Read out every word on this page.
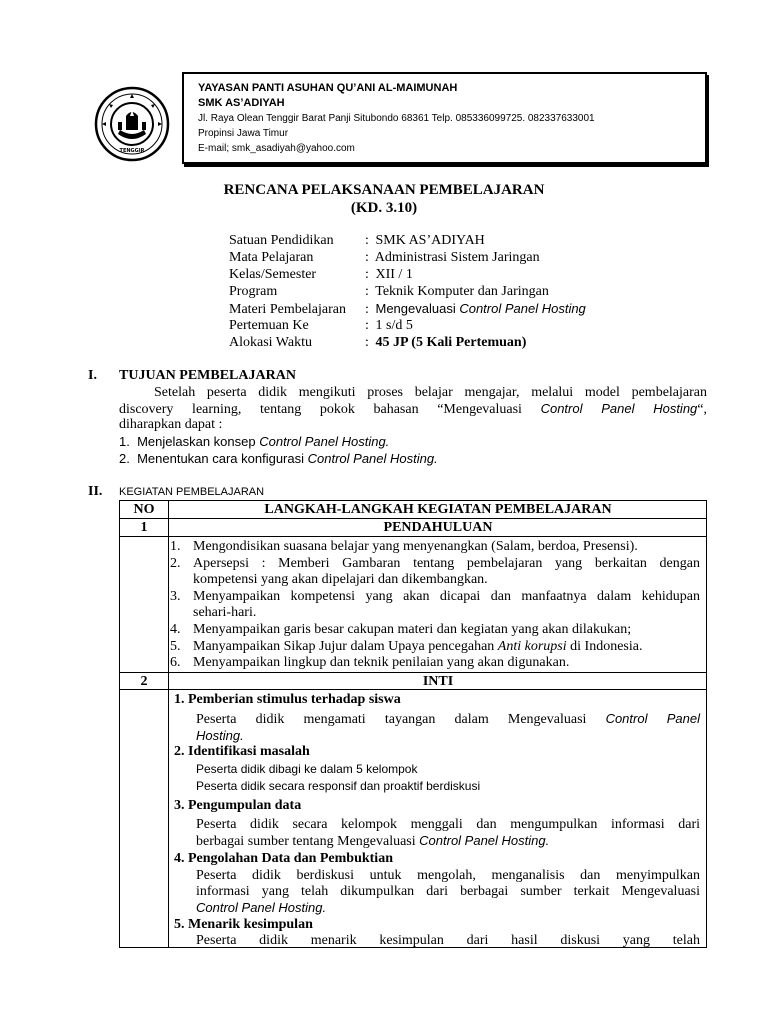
TENGGIR
YAYASAN PANTI ASUHAN QU’ANI AL-MAIMUNAH
SMK AS’ADIYAH
Jl. Raya Olean Tenggir Barat Panji Situbondo 68361 Telp. 085336099725. 082337633001
Propinsi Jawa Timur
E-mail; smk_asadiyah@yahoo.com
RENCANA PELAKSANAAN PEMBELAJARAN
(KD. 3.10)
Satuan Pendidikan : SMK AS’ADIYAH
Mata Pelajaran	: Administrasi Sistem Jaringan
Kelas/Semester	: XII / 1
Program	: Teknik Komputer dan Jaringan
Materi Pembelajaran : Mengevaluasi Control Panel Hosting
Pertemuan Ke	: 1 s/d 5
Alokasi Waktu	: 45 JP (5 Kali Pertemuan)
I. TUJUAN PEMBELAJARAN
Setelah peserta didik mengikuti proses belajar mengajar, melalui model pembelajaran
discovery learning, tentang pokok bahasan “Mengevaluasi Control Panel Hosting“,
diharapkan dapat :
1. Menjelaskan konsep Control Panel Hosting.
2. Menentukan cara konfigurasi Control Panel Hosting.
II. KEGIATAN PEMBELAJARAN
NO	LANGKAH-LANGKAH KEGIATAN PEMBELAJARAN
1	PENDAHULUAN
1. Mengondisikan suasana belajar yang menyenangkan (Salam, berdoa, Presensi).
2. Apersepsi : Memberi Gambaran tentang pembelajaran yang berkaitan dengan
kompetensi yang akan dipelajari dan dikembangkan.
3. Menyampaikan kompetensi yang akan dicapai dan manfaatnya dalam kehidupan
sehari-hari.
4. Menyampaikan garis besar cakupan materi dan kegiatan yang akan dilakukan;
5. Manyampaikan Sikap Jujur dalam Upaya pencegahan Anti korupsi di Indonesia.
6. Menyampaikan lingkup dan teknik penilaian yang akan digunakan.
2	INTI
1. Pemberian stimulus terhadap siswa
Peserta didik mengamati tayangan dalam Mengevaluasi Control Panel
Hosting.
2. Identifikasi masalah
Peserta didik dibagi ke dalam 5 kelompok
Peserta didik secara responsif dan proaktif berdiskusi
3. Pengumpulan data
Peserta didik secara kelompok menggali dan mengumpulkan informasi dari
berbagai sumber tentang Mengevaluasi Control Panel Hosting.
4. Pengolahan Data dan Pembuktian
Peserta didik berdiskusi untuk mengolah, menganalisis dan menyimpulkan
informasi yang telah dikumpulkan dari berbagai sumber terkait Mengevaluasi
Control Panel Hosting.
5. Menarik kesimpulan
Peserta didik menarik kesimpulan dari hasil diskusi yang telah
